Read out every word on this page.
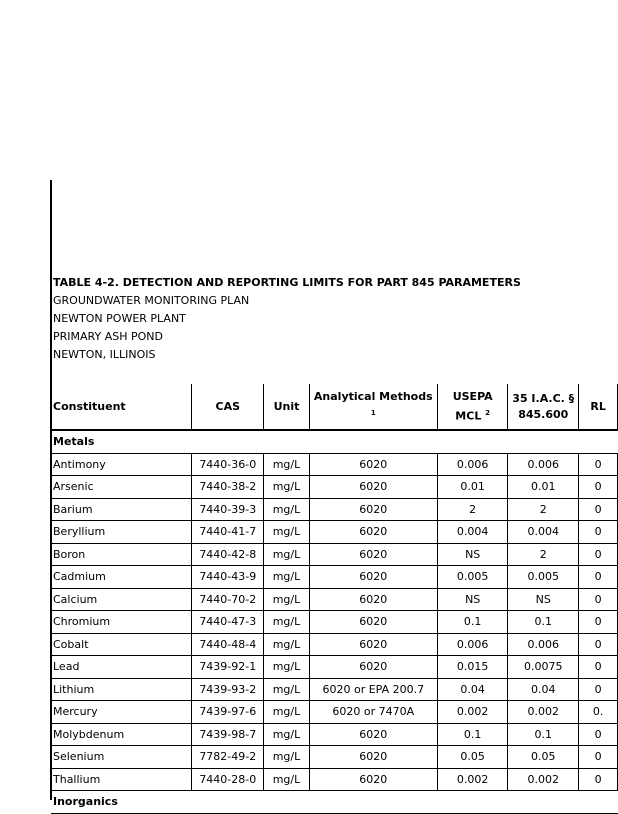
TABLE 4-2. DETECTION AND REPORTING LIMITS FOR PART 845 PARAMETERS
GROUNDWATER MONITORING PLAN
NEWTON POWER PLANT
PRIMARY ASH POND
NEWTON, ILLINOIS
Constituent	CAS	Unit	Analytical Methods $^1$	USEPA MCL $^2$	35 I.A.C. § 845.600	RL
Metals						
Antimony	7440-36-0	mg/L	6020	0.006	0.006	0
Arsenic	7440-38-2	mg/L	6020	0.01	0.01	0
Barium	7440-39-3	mg/L	6020	2	2	0
Beryllium	7440-41-7	mg/L	6020	0.004	0.004	0
Boron	7440-42-8	mg/L	6020	NS	2	0
Cadmium	7440-43-9	mg/L	6020	0.005	0.005	0
Calcium	7440-70-2	mg/L	6020	NS	NS	0
Chromium	7440-47-3	mg/L	6020	0.1	0.1	0
Cobalt	7440-48-4	mg/L	6020	0.006	0.006	0
Lead	7439-92-1	mg/L	6020	0.015	0.0075	0
Lithium	7439-93-2	mg/L	6020 or EPA 200.7	0.04	0.04	0
Mercury	7439-97-6	mg/L	6020 or 7470A	0.002	0.002	0.
Molybdenum	7439-98-7	mg/L	6020	0.1	0.1	0
Selenium	7782-49-2	mg/L	6020	0.05	0.05	0
Thallium	7440-28-0	mg/L	6020	0.002	0.002	0
Inorganics						
